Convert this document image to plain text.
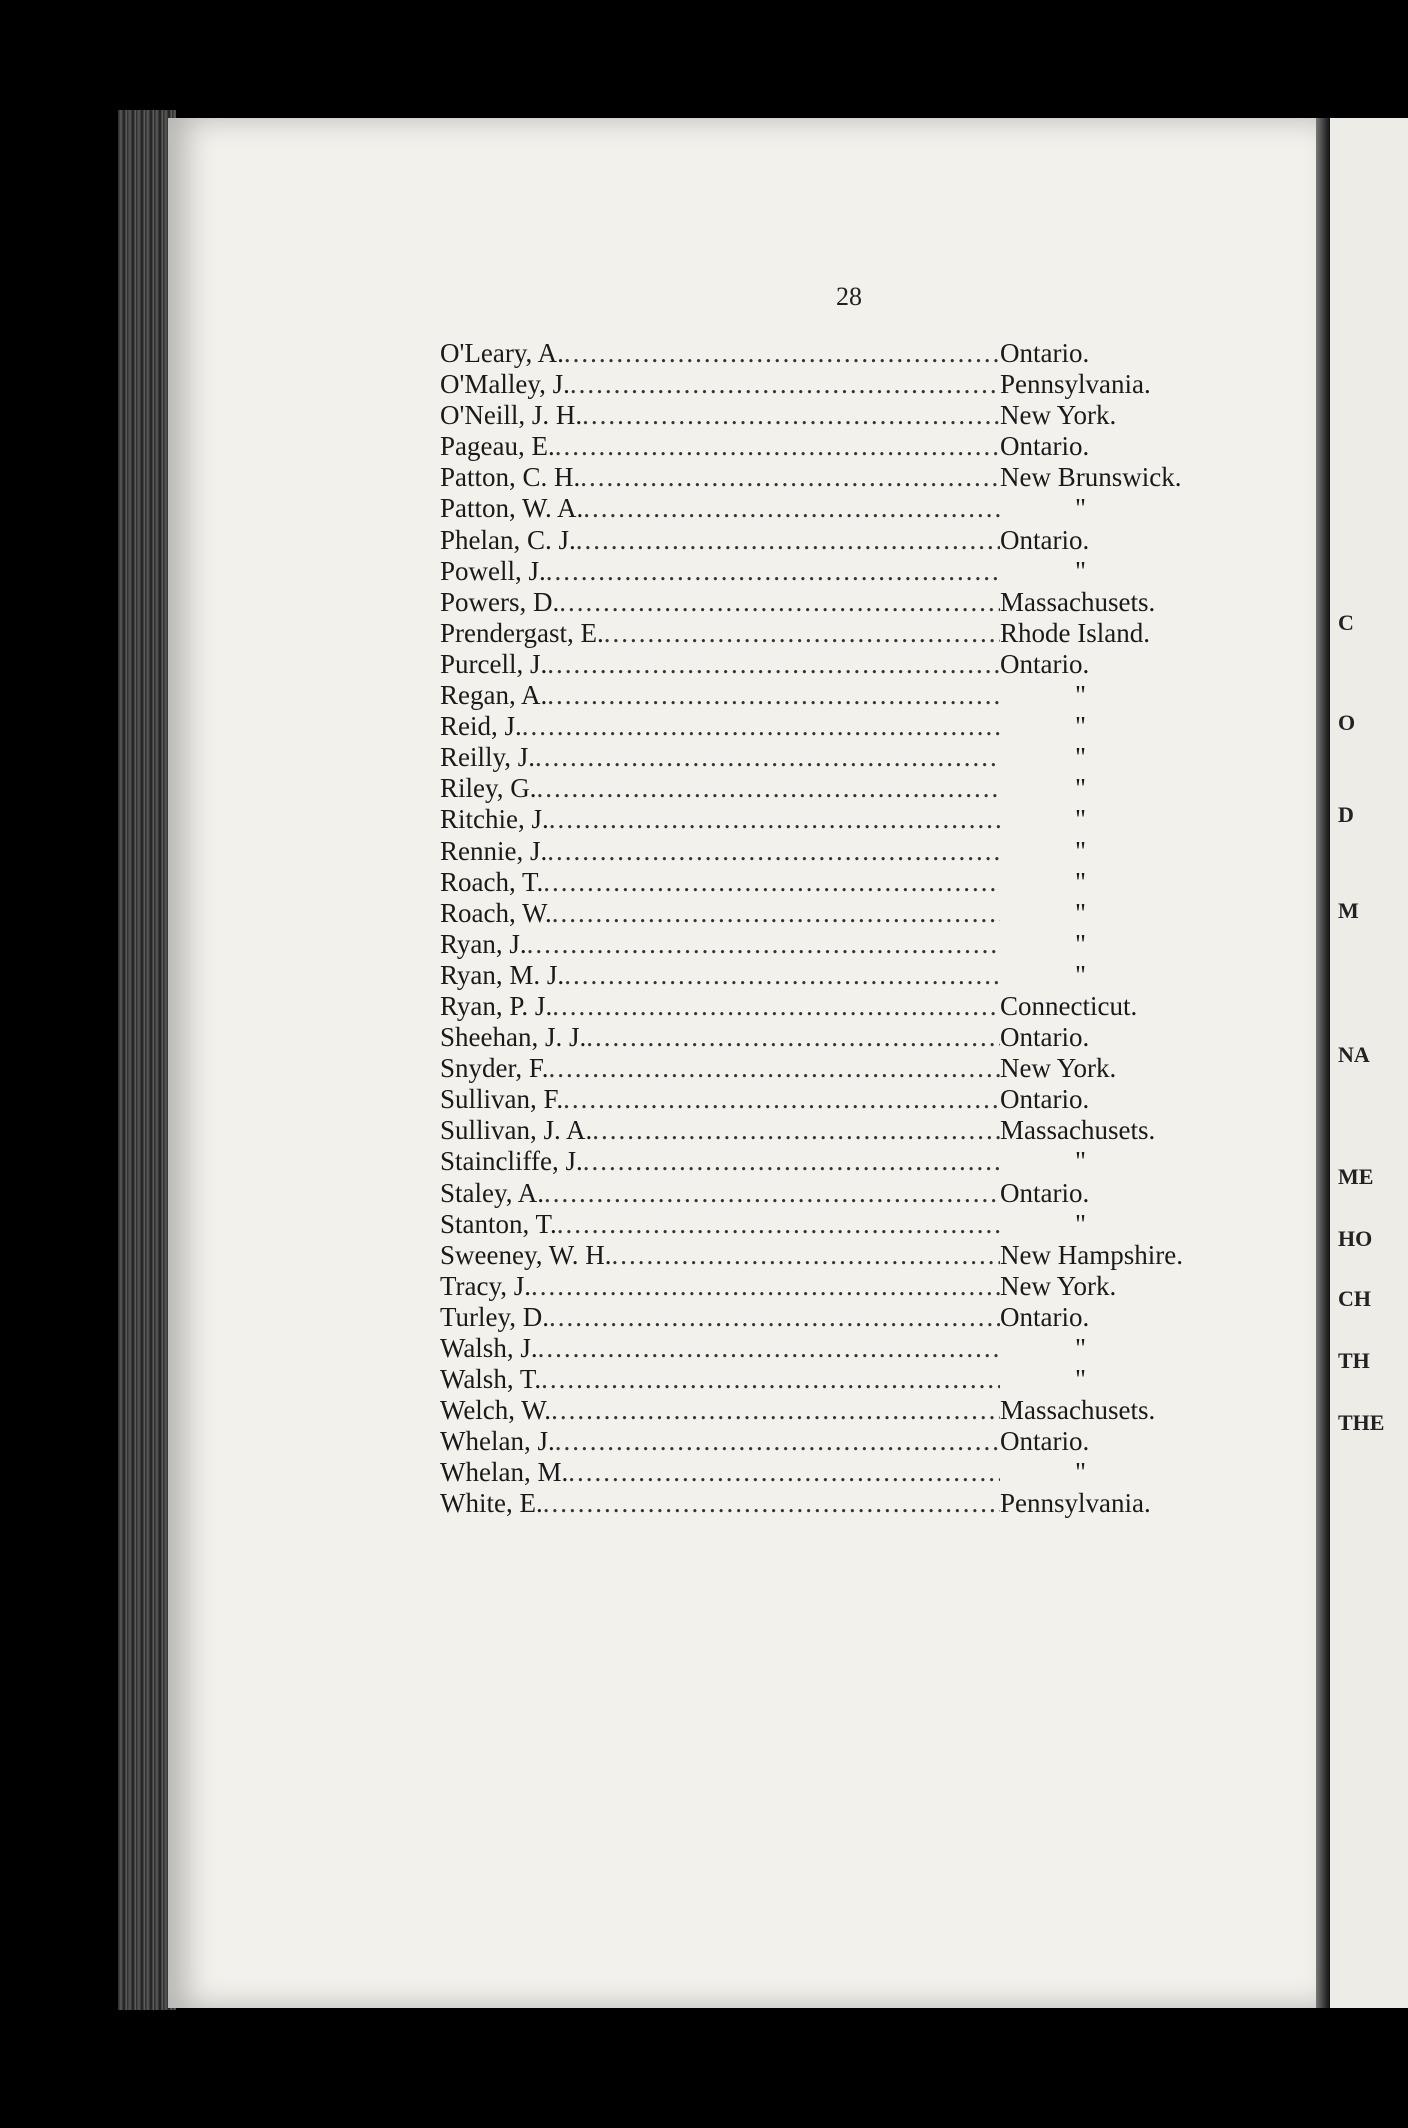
C
O
D
M
NA
ME
HO
CH
TH
THE
28
O'Leary, A. .....	Ontario.
O'Malley, J. .....	Pennsylvania.
O'Neill, J. H. .....	New York.
Pageau, E. .....	Ontario.
Patton, C. H. .....	New Brunswick.
Patton, W. A. .....	"
Phelan, C. J. .....	Ontario.
Powell, J. .....	"
Powers, D. .....	Massachusets.
Prendergast, E. .....	Rhode Island.
Purcell, J. .....	Ontario.
Regan, A. .....	"
Reid, J. .....	"
Reilly, J. .....	"
Riley, G. .....	"
Ritchie, J. .....	"
Rennie, J. .....	"
Roach, T. .....	"
Roach, W. .....	"
Ryan, J. .....	"
Ryan, M. J. .....	"
Ryan, P. J. .....	Connecticut.
Sheehan, J. J. .....	Ontario.
Snyder, F. .....	New York.
Sullivan, F. .....	Ontario.
Sullivan, J. A. .....	Massachusets.
Staincliffe, J. .....	"
Staley, A. .....	Ontario.
Stanton, T. .....	"
Sweeney, W. H. .....	New Hampshire.
Tracy, J. .....	New York.
Turley, D. .....	Ontario.
Walsh, J. .....	"
Walsh, T. .....	"
Welch, W. .....	Massachusets.
Whelan, J. .....	Ontario.
Whelan, M. .....	"
White, E. .....	Pennsylvania.
